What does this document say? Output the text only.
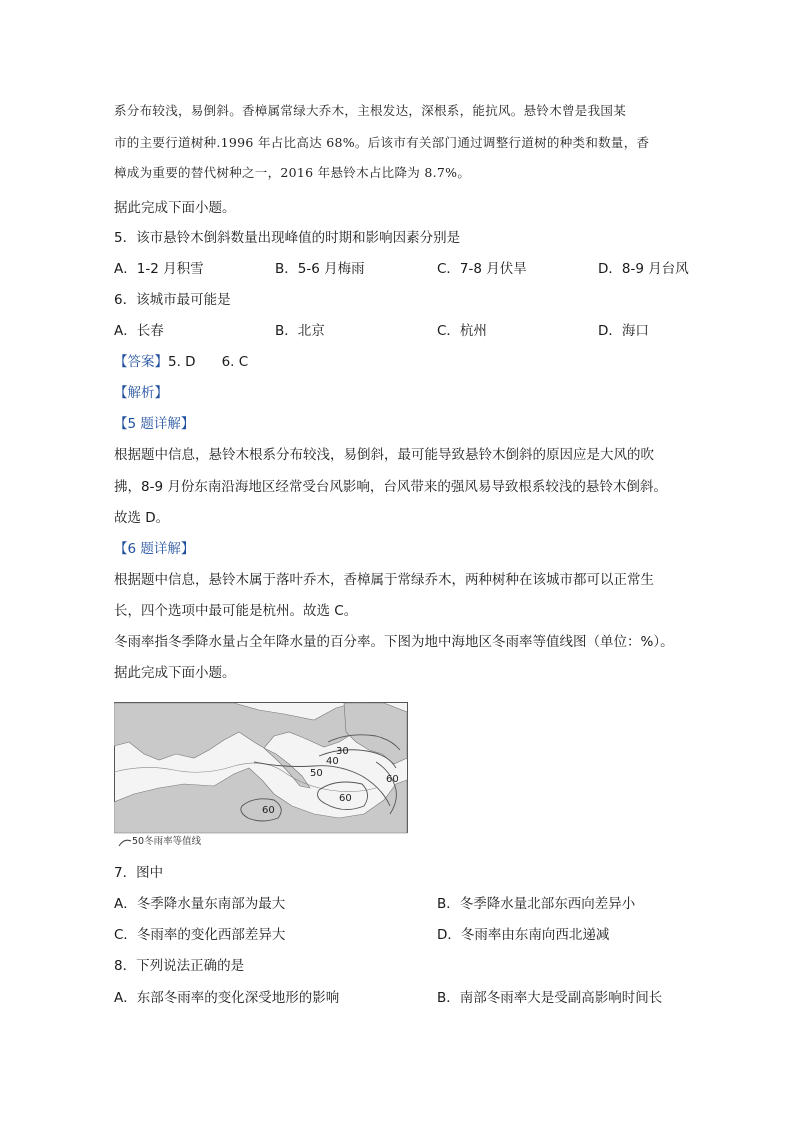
系分布较浅，易倒斜。香樟属常绿大乔木，主根发达，深根系，能抗风。悬铃木曾是我国某
市的主要行道树种.1996 年占比高达 68%。后该市有关部门通过调整行道树的种类和数量，香
樟成为重要的替代树种之一，2016 年悬铃木占比降为 8.7%。
据此完成下面小题。
5．该市悬铃木倒斜数量出现峰值的时期和影响因素分别是
A．1-2 月积雪	B．5-6 月梅雨	C．7-8 月伏旱	D．8-9 月台风
6．该城市最可能是
A．长春	B．北京	C．杭州	D．海口
【答案】5. D 6. C
【解析】
【5 题详解】
根据题中信息，悬铃木根系分布较浅，易倒斜，最可能导致悬铃木倒斜的原因应是大风的吹
拂，8-9 月份东南沿海地区经常受台风影响，台风带来的强风易导致根系较浅的悬铃木倒斜。
故选 D。
【6 题详解】
根据题中信息，悬铃木属于落叶乔木，香樟属于常绿乔木，两种树种在该城市都可以正常生
长，四个选项中最可能是杭州。故选 C。
冬雨率指冬季降水量占全年降水量的百分率。下图为地中海地区冬雨率等值线图（单位：%）。
据此完成下面小题。
30
40
50
60
60
60
50冬雨率等值线
7．图中
A．冬季降水量东南部为最大	B．冬季降水量北部东西向差异小
C．冬雨率的变化西部差异大	D．冬雨率由东南向西北递减
8．下列说法正确的是
A．东部冬雨率的变化深受地形的影响	B．南部冬雨率大是受副高影响时间长
